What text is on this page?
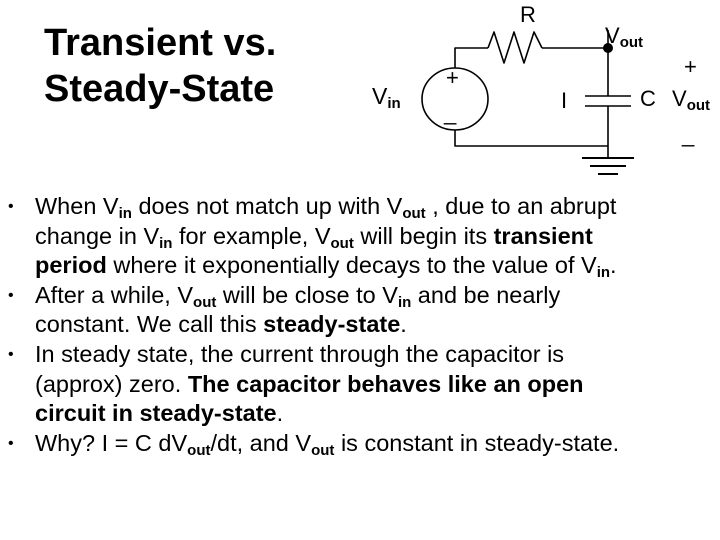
Transient vs.
Steady-State
R
Vout
Vin
+
_	I	C Vout
+
_
• When $V_{in}$ does not match up with $V_{out}$ , due to an abrupt
change in $V_{in}$ for example, $V_{out}$ will begin its transient
period where it exponentially decays to the value of $V_{in}$.
• After a while, $V_{out}$ will be close to $V_{in}$ and be nearly
constant. We call this steady-state.
• In steady state, the current through the capacitor is
(approx) zero. The capacitor behaves like an open
circuit in steady-state.
• Why? I = C $dV_{out}/dt$, and $V_{out}$ is constant in steady-state.
